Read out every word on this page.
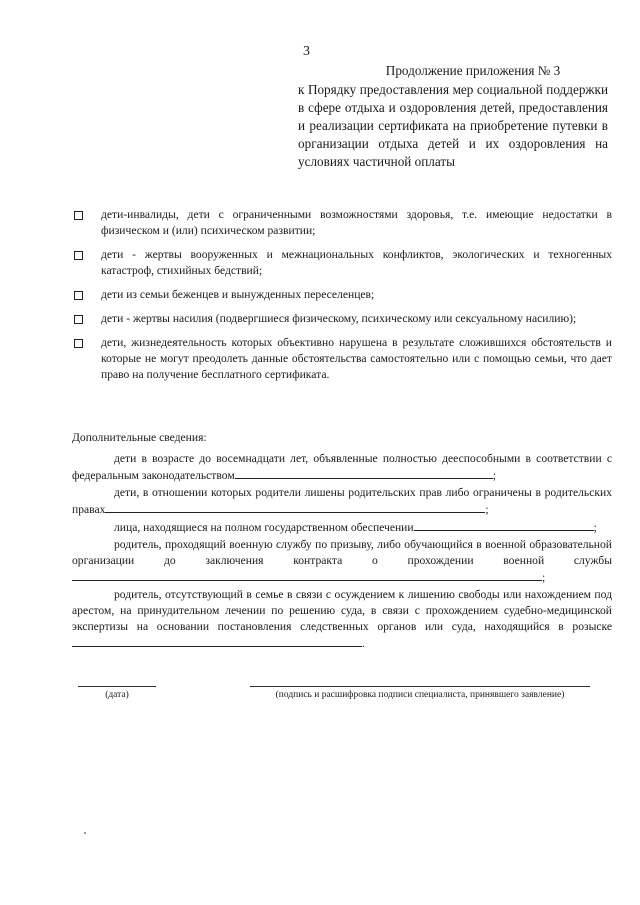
3
Продолжение приложения № 3
к Порядку предоставления мер социальной поддержки в сфере отдыха и оздоровления детей, предоставления и реализации сертификата на приобретение путевки в организации отдыха детей и их оздоровления на условиях частичной оплаты
дети-инвалиды, дети с ограниченными возможностями здоровья, т.е. имеющие недостатки в физическом и (или) психическом развитии;
дети - жертвы вооруженных и межнациональных конфликтов, экологических и техногенных катастроф, стихийных бедствий;
дети из семьи беженцев и вынужденных переселенцев;
дети - жертвы насилия (подвергшиеся физическому, психическому или сексуальному насилию);
дети, жизнедеятельность которых объективно нарушена в результате сложившихся обстоятельств и которые не могут преодолеть данные обстоятельства самостоятельно или с помощью семьи, что дает право на получение бесплатного сертификата.
Дополнительные сведения:

дети в возрасте до восемнадцати лет, объявленные полностью дееспособными в соответствии с федеральным законодательством	;

дети, в отношении которых родители лишены родительских прав либо ограничены в родительских правах	;

лица, находящиеся на полном государственном обеспечении	;

родитель, проходящий военную службу по призыву, либо обучающийся в военной образовательной организации до заключения контракта о прохождении военной службы;

родитель, отсутствующий в семье в связи с осуждением к лишению свободы или нахождением под арестом, на принудительном лечении по решению суда, в связи с прохождением судебно-медицинской экспертизы на основании постановления следственных органов или суда, находящийся в розыске.

(дата)	(подпись и расшифровка подписи специалиста, принявшего заявление)
